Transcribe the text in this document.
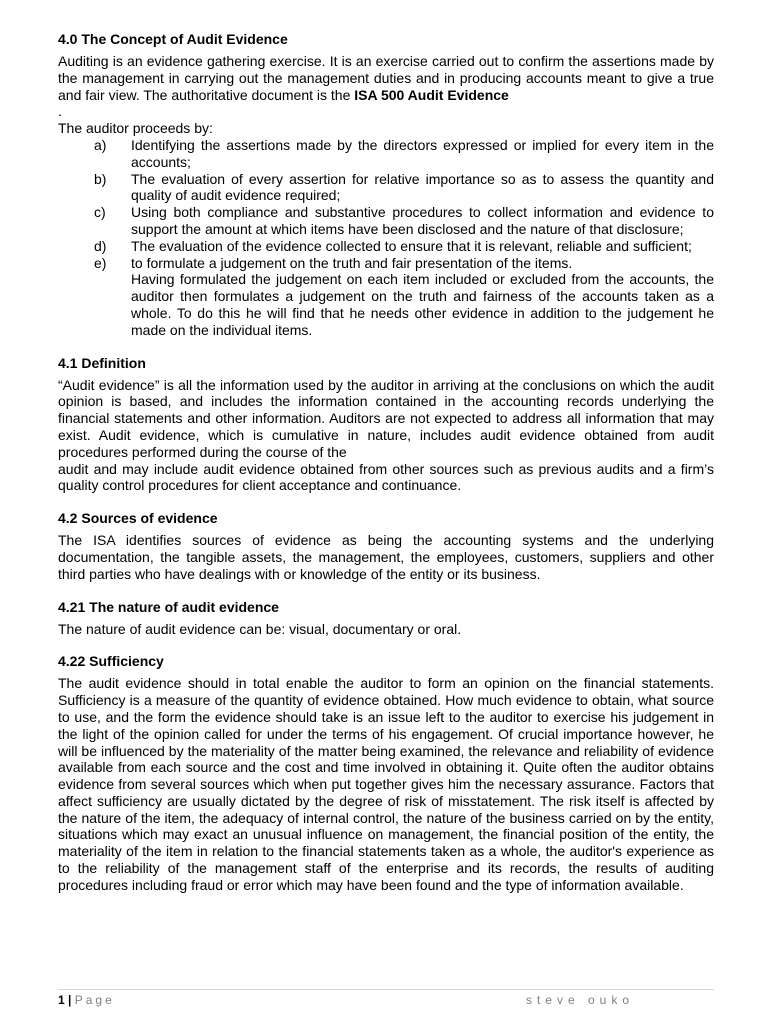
4.0 The Concept of Audit Evidence

Auditing is an evidence gathering exercise. It is an exercise carried out to confirm the assertions made by the management in carrying out the management duties and in producing accounts meant to give a true and fair view. The authoritative document is the ISA 500 Audit Evidence
.

The auditor proceeds by:

a) Identifying the assertions made by the directors expressed or implied for every item in the accounts;
b) The evaluation of every assertion for relative importance so as to assess the quantity and quality of audit evidence required;
c) Using both compliance and substantive procedures to collect information and evidence to support the amount at which items have been disclosed and the nature of that disclosure;
d) The evaluation of the evidence collected to ensure that it is relevant, reliable and sufficient;
e) to formulate a judgement on the truth and fair presentation of the items.
Having formulated the judgement on each item included or excluded from the accounts, the auditor then formulates a judgement on the truth and fairness of the accounts taken as a whole. To do this he will find that he needs other evidence in addition to the judgement he made on the individual items.
4.1 Definition

“Audit evidence” is all the information used by the auditor in arriving at the conclusions on which the audit opinion is based, and includes the information contained in the accounting records underlying the financial statements and other information. Auditors are not expected to address all information that may exist. Audit evidence, which is cumulative in nature, includes audit evidence obtained from audit procedures performed during the course of the

audit and may include audit evidence obtained from other sources such as previous audits and a firm’s quality control procedures for client acceptance and continuance.

4.2 Sources of evidence

The ISA identifies sources of evidence as being the accounting systems and the underlying documentation, the tangible assets, the management, the employees, customers, suppliers and other third parties who have dealings with or knowledge of the entity or its business.

4.21 The nature of audit evidence

The nature of audit evidence can be: visual, documentary or oral.

4.22 Sufficiency

The audit evidence should in total enable the auditor to form an opinion on the financial statements. Sufficiency is a measure of the quantity of evidence obtained. How much evidence to obtain, what source to use, and the form the evidence should take is an issue left to the auditor to exercise his judgement in the light of the opinion called for under the terms of his engagement. Of crucial importance however, he will be influenced by the materiality of the matter being examined, the relevance and reliability of evidence available from each source and the cost and time involved in obtaining it. Quite often the auditor obtains evidence from several sources which when put together gives him the necessary assurance. Factors that affect sufficiency are usually dictated by the degree of risk of misstatement. The risk itself is affected by the nature of the item, the adequacy of internal control, the nature of the business carried on by the entity, situations which may exact an unusual influence on management, the financial position of the entity, the materiality of the item in relation to the financial statements taken as a whole, the auditor's experience as to the reliability of the management staff of the enterprise and its records, the results of auditing procedures including fraud or error which may have been found and the type of information available.

1 | Page	steve ouko
